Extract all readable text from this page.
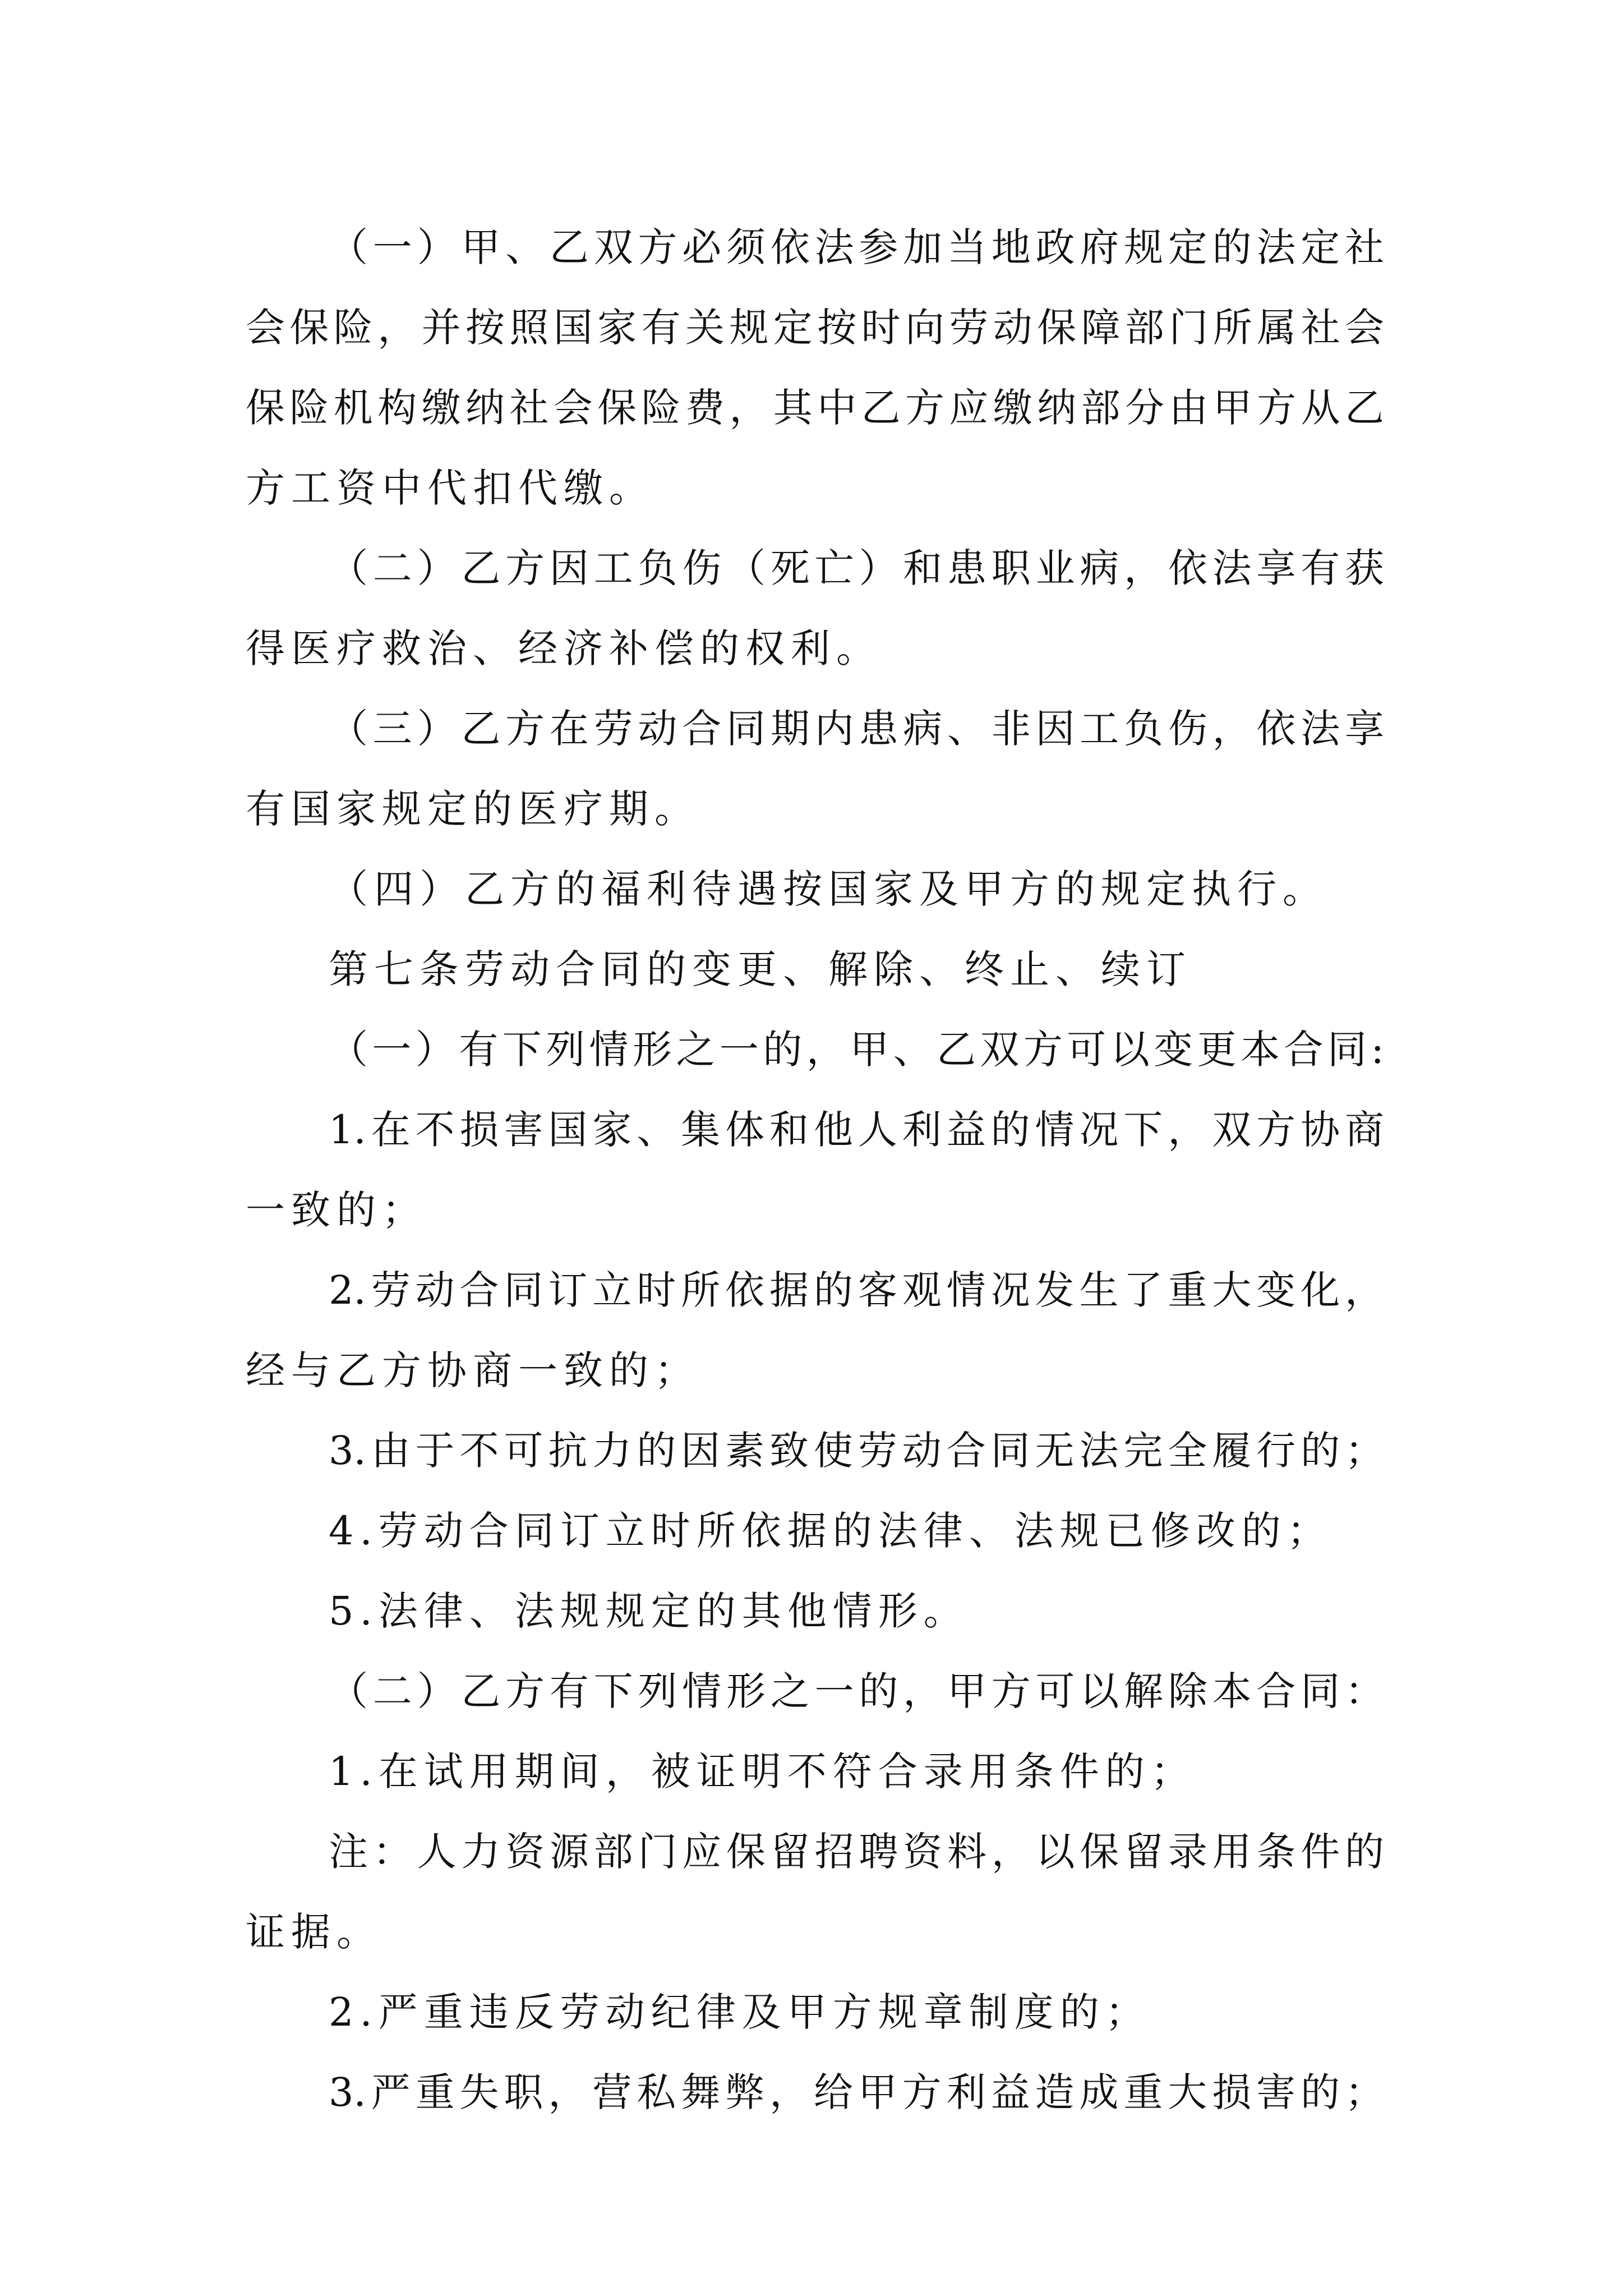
（一）甲、乙双方必须依法参加当地政府规定的法定社
会保险，并按照国家有关规定按时向劳动保障部门所属社会
保险机构缴纳社会保险费，其中乙方应缴纳部分由甲方从乙
方工资中代扣代缴。
（二）乙方因工负伤（死亡）和患职业病，依法享有获
得医疗救治、经济补偿的权利。
（三）乙方在劳动合同期内患病、非因工负伤，依法享
有国家规定的医疗期。
（四）乙方的福利待遇按国家及甲方的规定执行。
第七条劳动合同的变更、解除、终止、续订
（一）有下列情形之一的，甲、乙双方可以变更本合同:
1.在不损害国家、集体和他人利益的情况下，双方协商
一致的；
2.劳动合同订立时所依据的客观情况发生了重大变化，
经与乙方协商一致的；
3.由于不可抗力的因素致使劳动合同无法完全履行的；
4.劳动合同订立时所依据的法律、法规已修改的；
5.法律、法规规定的其他情形。
（二）乙方有下列情形之一的，甲方可以解除本合同：
1.在试用期间，被证明不符合录用条件的；
注：人力资源部门应保留招聘资料，以保留录用条件的
证据。
2.严重违反劳动纪律及甲方规章制度的；
3.严重失职，营私舞弊，给甲方利益造成重大损害的；
